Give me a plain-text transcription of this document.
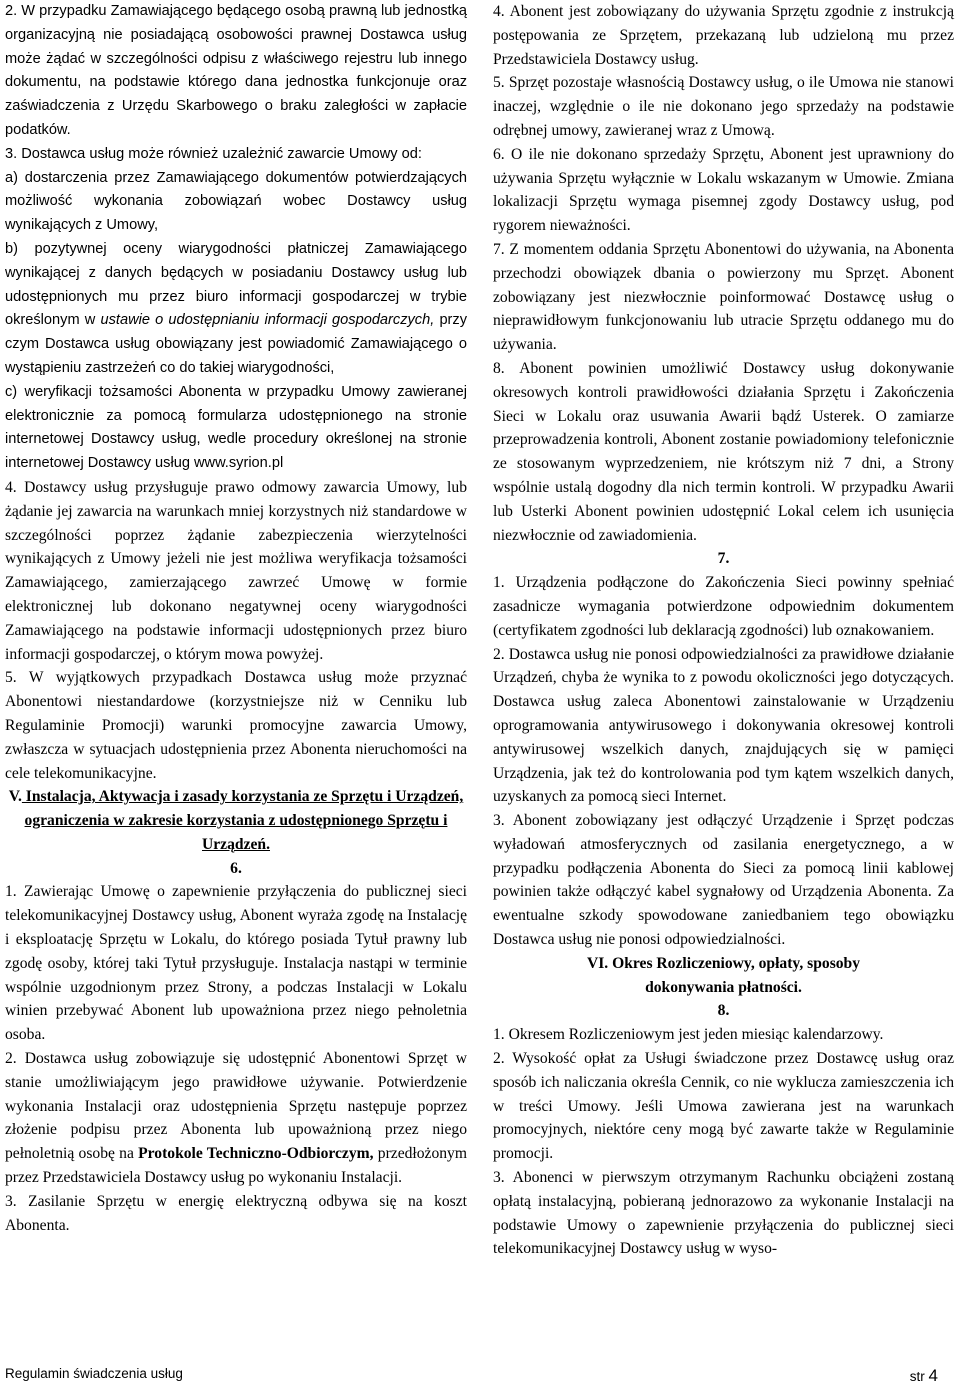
2. W przypadku Zamawiającego będącego osobą prawną lub jednostką organizacyjną nie posiadającą osobowości prawnej Dostawca usług może żądać w szczególności odpisu z właściwego rejestru lub innego dokumentu, na podstawie którego dana jednostka funkcjonuje oraz zaświadczenia z Urzędu Skarbowego o braku zaległości w zapłacie podatków.

3. Dostawca usług może również uzależnić zawarcie Umowy od:

a) dostarczenia przez Zamawiającego dokumentów potwierdzających możliwość wykonania zobowiązań wobec Dostawcy usług wynikających z Umowy,

b) pozytywnej oceny wiarygodności płatniczej Zamawiającego wynikającej z danych będących w posiadaniu Dostawcy usług lub udostępnionych mu przez biuro informacji gospodarczej w trybie określonym w ustawie o udostępnianiu informacji gospodarczych, przy czym Dostawca usług obowiązany jest powiadomić Zamawiającego o wystąpieniu zastrzeżeń co do takiej wiarygodności,

c) weryfikacji tożsamości Abonenta w przypadku Umowy zawieranej elektronicznie za pomocą formularza udostępnionego na stronie internetowej Dostawcy usług, wedle procedury określonej na stronie internetowej Dostawcy usług www.syrion.pl

4. Dostawcy usług przysługuje prawo odmowy zawarcia Umowy, lub żądanie jej zawarcia na warunkach mniej korzystnych niż standardowe w szczególności poprzez żądanie zabezpieczenia wierzytelności wynikających z Umowy jeżeli nie jest możliwa weryfikacja tożsamości Zamawiającego, zamierzającego zawrzeć Umowę w formie elektronicznej lub dokonano negatywnej oceny wiarygodności Zamawiającego na podstawie informacji udostępnionych przez biuro informacji gospodarczej, o którym mowa powyżej.

5. W wyjątkowych przypadkach Dostawca usług może przyznać Abonentowi niestandardowe (korzystniejsze niż w Cenniku lub Regulaminie Promocji) warunki promocyjne zawarcia Umowy, zwłaszcza w sytuacjach udostępnienia przez Abonenta nieruchomości na cele telekomunikacyjne.

V. Instalacja, Aktywacja i zasady korzystania ze Sprzętu i Urządzeń, ograniczenia w zakresie korzystania z udostępnionego Sprzętu i Urządzeń.

6.

1. Zawierając Umowę o zapewnienie przyłączenia do publicznej sieci telekomunikacyjnej Dostawcy usług, Abonent wyraża zgodę na Instalację i eksploatację Sprzętu w Lokalu, do którego posiada Tytuł prawny lub zgodę osoby, której taki Tytuł przysługuje. Instalacja nastąpi w terminie wspólnie uzgodnionym przez Strony, a podczas Instalacji w Lokalu winien przebywać Abonent lub upoważniona przez niego pełnoletnia osoba.

2. Dostawca usług zobowiązuje się udostępnić Abonentowi Sprzęt w stanie umożliwiającym jego prawidłowe używanie. Potwierdzenie wykonania Instalacji oraz udostępnienia Sprzętu następuje poprzez złożenie podpisu przez Abonenta lub upoważnioną przez niego pełnoletnią osobę na Protokole Techniczno-Odbiorczym, przedłożonym przez Przedstawiciela Dostawcy usług po wykonaniu Instalacji.

3. Zasilanie Sprzętu w energię elektryczną odbywa się na koszt Abonenta.

4. Abonent jest zobowiązany do używania Sprzętu zgodnie z instrukcją postępowania ze Sprzętem, przekazaną lub udzieloną mu przez Przedstawiciela Dostawcy usług.

5. Sprzęt pozostaje własnością Dostawcy usług, o ile Umowa nie stanowi inaczej, względnie o ile nie dokonano jego sprzedaży na podstawie odrębnej umowy, zawieranej wraz z Umową.

6. O ile nie dokonano sprzedaży Sprzętu, Abonent jest uprawniony do używania Sprzętu wyłącznie w Lokalu wskazanym w Umowie. Zmiana lokalizacji Sprzętu wymaga pisemnej zgody Dostawcy usług, pod rygorem nieważności.

7. Z momentem oddania Sprzętu Abonentowi do używania, na Abonenta przechodzi obowiązek dbania o powierzony mu Sprzęt. Abonent zobowiązany jest niezwłocznie poinformować Dostawcę usług o nieprawidłowym funkcjonowaniu lub utracie Sprzętu oddanego mu do używania.

8. Abonent powinien umożliwić Dostawcy usług dokonywanie okresowych kontroli prawidłowości działania Sprzętu i Zakończenia Sieci w Lokalu oraz usuwania Awarii bądź Usterek. O zamiarze przeprowadzenia kontroli, Abonent zostanie powiadomiony telefonicznie ze stosowanym wyprzedzeniem, nie krótszym niż 7 dni, a Strony wspólnie ustalą dogodny dla nich termin kontroli. W przypadku Awarii lub Usterki Abonent powinien udostępnić Lokal celem ich usunięcia niezwłocznie od zawiadomienia.

7.

1. Urządzenia podłączone do Zakończenia Sieci powinny spełniać zasadnicze wymagania potwierdzone odpowiednim dokumentem (certyfikatem zgodności lub deklaracją zgodności) lub oznakowaniem.

2. Dostawca usług nie ponosi odpowiedzialności za prawidłowe działanie Urządzeń, chyba że wynika to z powodu okoliczności jego dotyczących. Dostawca usług zaleca Abonentowi zainstalowanie w Urządzeniu oprogramowania antywirusowego i dokonywania okresowej kontroli antywirusowej wszelkich danych, znajdujących się w pamięci Urządzenia, jak też do kontrolowania pod tym kątem wszelkich danych, uzyskanych za pomocą sieci Internet.

3. Abonent zobowiązany jest odłączyć Urządzenie i Sprzęt podczas wyładowań atmosferycznych od zasilania energetycznego, a w przypadku podłączenia Abonenta do Sieci za pomocą linii kablowej powinien także odłączyć kabel sygnałowy od Urządzenia Abonenta. Za ewentualne szkody spowodowane zaniedbaniem tego obowiązku Dostawca usług nie ponosi odpowiedzialności.

VI. Okres Rozliczeniowy, opłaty, sposoby

dokonywania płatności.

8.

1. Okresem Rozliczeniowym jest jeden miesiąc kalendarzowy.

2. Wysokość opłat za Usługi świadczone przez Dostawcę usług oraz sposób ich naliczania określa Cennik, co nie wyklucza zamieszczenia ich w treści Umowy. Jeśli Umowa zawierana jest na warunkach promocyjnych, niektóre ceny mogą być zawarte także w Regulaminie promocji.

3. Abonenci w pierwszym otrzymanym Rachunku obciążeni zostaną opłatą instalacyjną, pobieraną jednorazowo za wykonanie Instalacji na podstawie Umowy o zapewnienie przyłączenia do publicznej sieci telekomunikacyjnej Dostawcy usług w wyso-

Regulamin świadczenia usług	str 4
